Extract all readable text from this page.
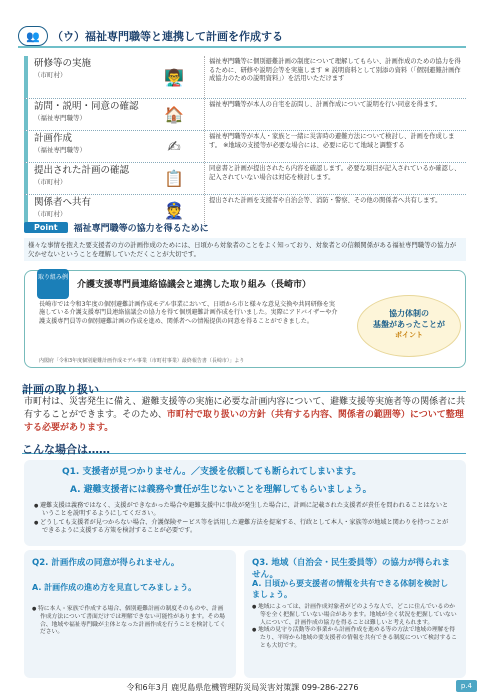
👥	（ウ）福祉専門職等と連携して計画を作成する
研修等の実施
（市町村）	👨‍🏫
福祉専門職等に個別避難計画の制度について理解してもらい、計画作成のための協力を得るために、研修や説明会等を実施します ※ 説明資料として別添の資料（「個別避難計画作成協力のための説明資料」）を活用いただけます
訪問・説明・同意の確認
（福祉専門職等）	🏠
福祉専門職等が本人の自宅を訪問し、計画作成について説明を行い同意を得ます。
計画作成
（福祉専門職等）	✍
福祉専門職等が本人・家族と一緒に災害時の避難方法について検討し、計画を作成します。 ※地域の支援等が必要な場合には、必要に応じて地域と調整する
提出された計画の確認
（市町村）	📋
同意書と計画が提出されたら内容を確認します。必要な項目が記入されているか確認し、記入されていない場合は対応を検討します。
関係者へ共有
（市町村）	👮
提出された計画を支援者や自治会等、消防・警察、その他の関係者へ共有します。
Point	福祉専門職等の協力を得るために
様々な事情を抱えた要支援者の方の計画作成のためには、日頃から対象者のことをよく知っており、対象者との信頼関係がある福祉専門職等の協力が欠かせないということを理解していただくことが大切です。
取り組み例
介護支援専門員連絡協議会と連携した取り組み（長崎市）
長崎市では令和3年度の個別避難計画作成モデル事業において、日頃から市と様々な意見交換や共同研修を実施している介護支援専門員連絡協議会の協力を得て個別避難計画作成を行いました。実際にアドバイザーや介護支援専門員等の個別避難計画の作成を進め、関係者への情報提供の同意を得ることができました。
内閣府「令和3年度個別避難計画作成モデル事業（市町村事業）最終報告書（長崎市）」より
協力体制の
基盤があったことが
ポイント
計画の取り扱い
市町村は、災害発生に備え、避難支援等の実施に必要な計画内容について、避難支援等実施者等の関係者に共有することができます。そのため、市町村で取り扱いの方針（共有する内容、関係者の範囲等）について整理する必要があります。
こんな場合は……
Q1. 支援者が見つかりません。／支援を依頼しても断られてしまいます。
A. 避難支援者には義務や責任が生じないことを理解してもらいましょう。
● 避難支援は義務ではなく、支援ができなかった場合や避難支援中に事故が発生した場合に、計画に記載された支援者が責任を問われることはないということを説明するようにしてください。
● どうしても支援者が見つからない場合、介護保険サービス等を活用した避難方法を提案する、行政として本人・家族等が地域と関わりを持つことができるように支援する方策を検討することが必要です。
Q2. 計画作成の同意が得られません。
A. 計画作成の進め方を見直してみましょう。
● 特に本人・家族で作成する場合、個別避難計画の制度そのものや、計画作成方法について書面だけでは理解できない可能性があります。その場合、地域や福祉専門職が主体となった計画作成を行うことを検討してください。
Q3. 地域（自治会・民生委員等）の協力が得られません。
A. 日頃から要支援者の情報を共有できる体制を検討しましょう。
● 地域によっては、計画作成対象者がどのような人で、どこに住んでいるのか等を全く把握していない場合があります。地域が全く状況を把握していない人について、計画作成の協力を得ることは難しいと考えられます。
● 地域の見守り活動等の事業から計画作成を進める等の方法で地域の理解を得たり、平時から地域の要支援者の情報を共有できる制度について検討することも大切です。
令和6年3月 鹿児島県危機管理防災局災害対策課 099-286-2276	p.4
